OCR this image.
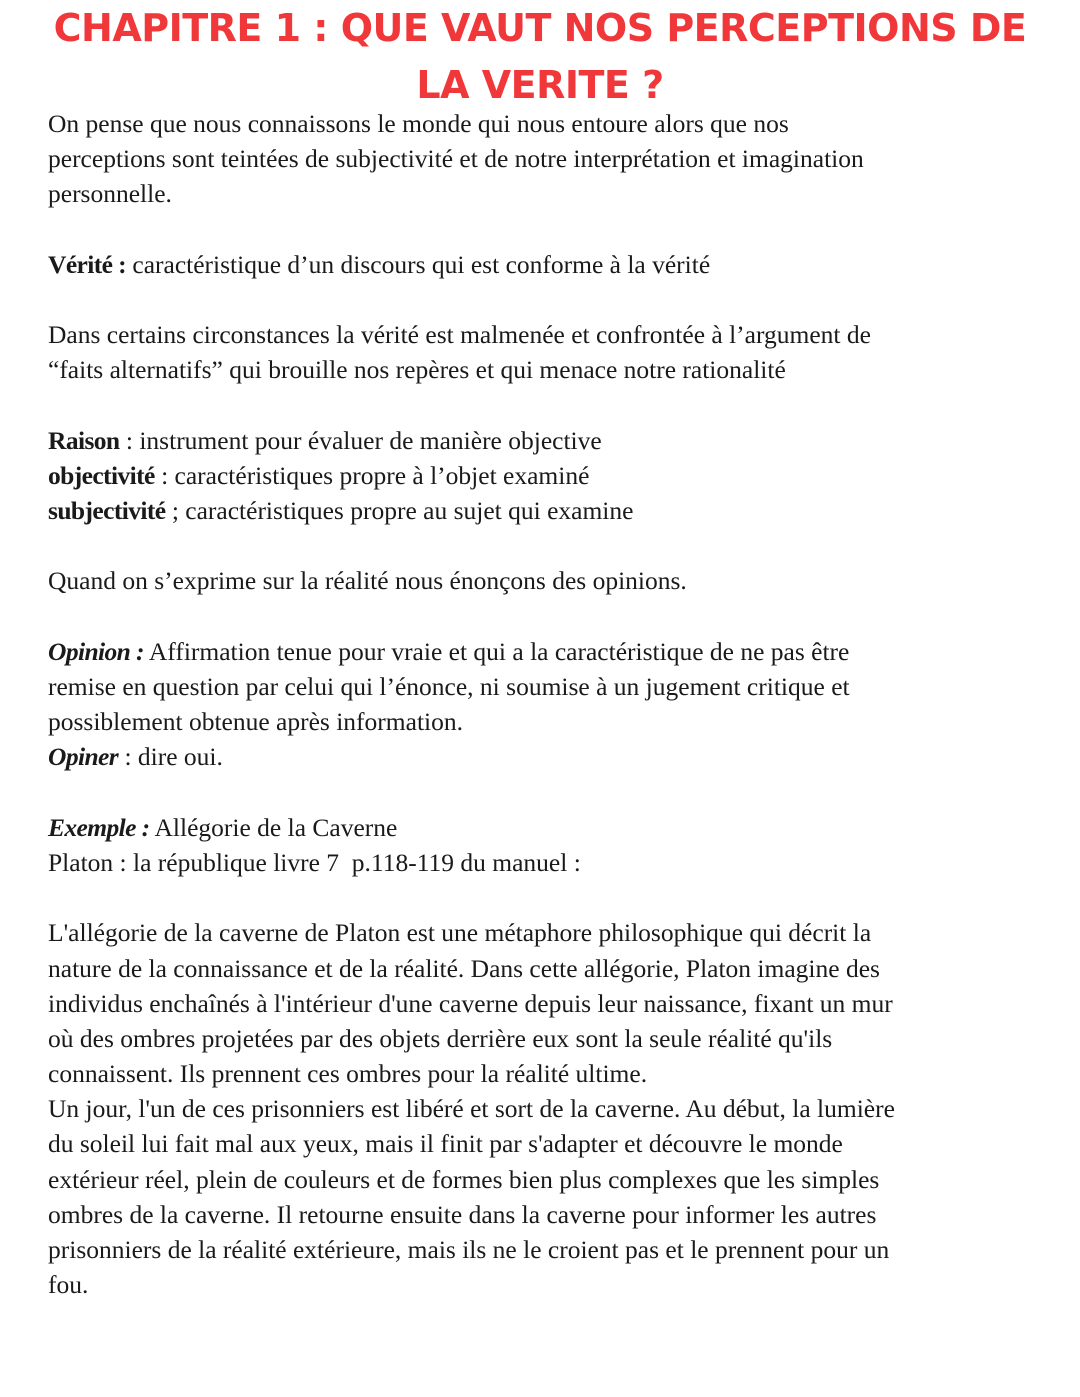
CHAPITRE 1 : QUE VAUT NOS PERCEPTIONS DE
LA VERITE ?
On pense que nous connaissons le monde qui nous entoure alors que nos
perceptions sont teintées de subjectivité et de notre interprétation et imagination
personnelle.
Vérité : caractéristique d’un discours qui est conforme à la vérité
Dans certains circonstances la vérité est malmenée et confrontée à l’argument de
“faits alternatifs” qui brouille nos repères et qui menace notre rationalité
Raison : instrument pour évaluer de manière objective
objectivité : caractéristiques propre à l’objet examiné
subjectivité ; caractéristiques propre au sujet qui examine
Quand on s’exprime sur la réalité nous énonçons des opinions.
Opinion : Affirmation tenue pour vraie et qui a la caractéristique de ne pas être
remise en question par celui qui l’énonce, ni soumise à un jugement critique et
possiblement obtenue après information.
Opiner : dire oui.
Exemple : Allégorie de la Caverne
Platon : la république livre 7  p.118-119 du manuel :
L'allégorie de la caverne de Platon est une métaphore philosophique qui décrit la
nature de la connaissance et de la réalité. Dans cette allégorie, Platon imagine des
individus enchaînés à l'intérieur d'une caverne depuis leur naissance, fixant un mur
où des ombres projetées par des objets derrière eux sont la seule réalité qu'ils
connaissent. Ils prennent ces ombres pour la réalité ultime.
Un jour, l'un de ces prisonniers est libéré et sort de la caverne. Au début, la lumière
du soleil lui fait mal aux yeux, mais il finit par s'adapter et découvre le monde
extérieur réel, plein de couleurs et de formes bien plus complexes que les simples
ombres de la caverne. Il retourne ensuite dans la caverne pour informer les autres
prisonniers de la réalité extérieure, mais ils ne le croient pas et le prennent pour un
fou.
